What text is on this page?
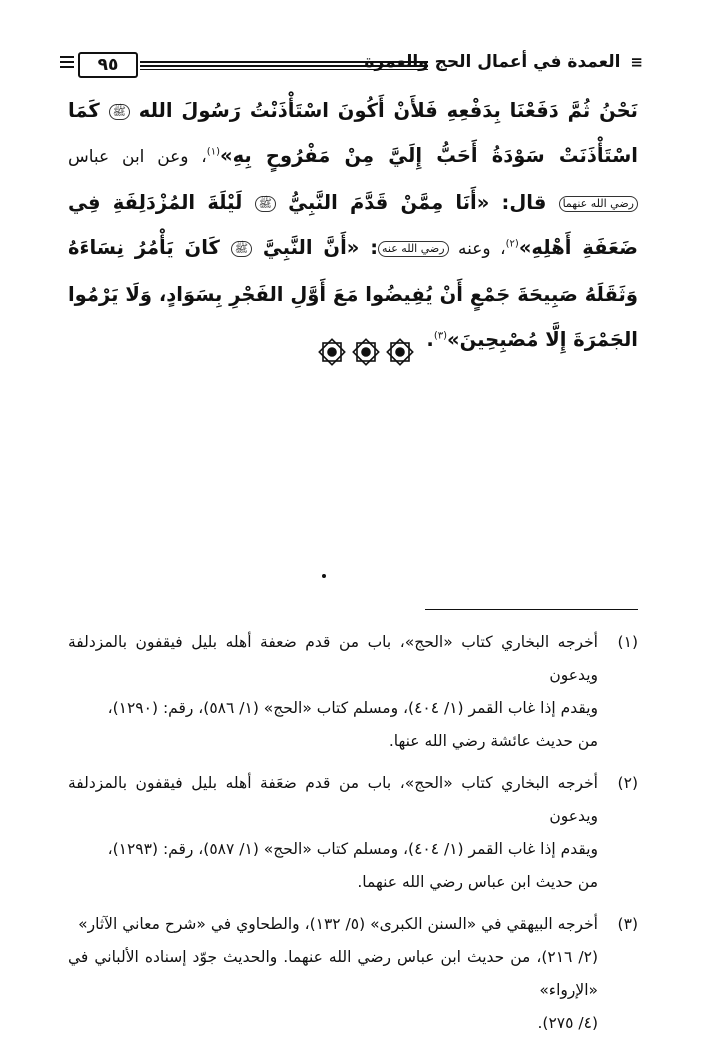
٩٥	≡ العمدة في أعمال الحج والعمرة
نَحْنُ ثُمَّ دَفَعْنَا بِدَفْعِهِ فَلأَنْ أَكُونَ اسْتَأْذَنْتُ رَسُولَ الله ﷺ كَمَا اسْتَأْذَنَتْ سَوْدَةُ أَحَبُّ إِلَيَّ مِنْ مَفْرُوحٍ بِهِ»$^{(١)}$، وعن ابن عباس رضي الله عنهما قال: «أَنَا مِمَّنْ قَدَّمَ النَّبِيُّ ﷺ لَيْلَةَ المُزْدَلِفَةِ فِي ضَعَفَةِ أَهْلِهِ»$^{(٢)}$، وعنه رضي الله عنه: «أَنَّ النَّبِيَّ ﷺ كَانَ يَأْمُرُ نِسَاءَهُ وَثَقَلَهُ صَبِيحَةَ جَمْعٍ أَنْ يُفِيضُوا مَعَ أَوَّلِ الفَجْرِ بِسَوَادٍ، وَلَا يَرْمُوا الجَمْرَةَ إِلَّا مُصْبِحِينَ»$^{(٣)}$.
(١)
أخرجه البخاري كتاب «الحج»، باب من قدم ضعفة أهله بليل فيقفون بالمزدلفة ويدعون
ويقدم إذا غاب القمر (١/ ٤٠٤)، ومسلم كتاب «الحج» (١/ ٥٨٦)، رقم: (١٢٩٠)،
من حديث عائشة رضي الله عنها.
(٢)
أخرجه البخاري كتاب «الحج»، باب من قدم ضعَفة أهله بليل فيقفون بالمزدلفة ويدعون
ويقدم إذا غاب القمر (١/ ٤٠٤)، ومسلم كتاب «الحج» (١/ ٥٨٧)، رقم: (١٢٩٣)،
من حديث ابن عباس رضي الله عنهما.
(٣)
أخرجه البيهقي في «السنن الكبرى» (٥/ ١٣٢)، والطحاوي في «شرح معاني الآثار»
(٢/ ٢١٦)، من حديث ابن عباس رضي الله عنهما. والحديث جوّد إسناده الألباني في «الإرواء»
(٤/ ٢٧٥).
